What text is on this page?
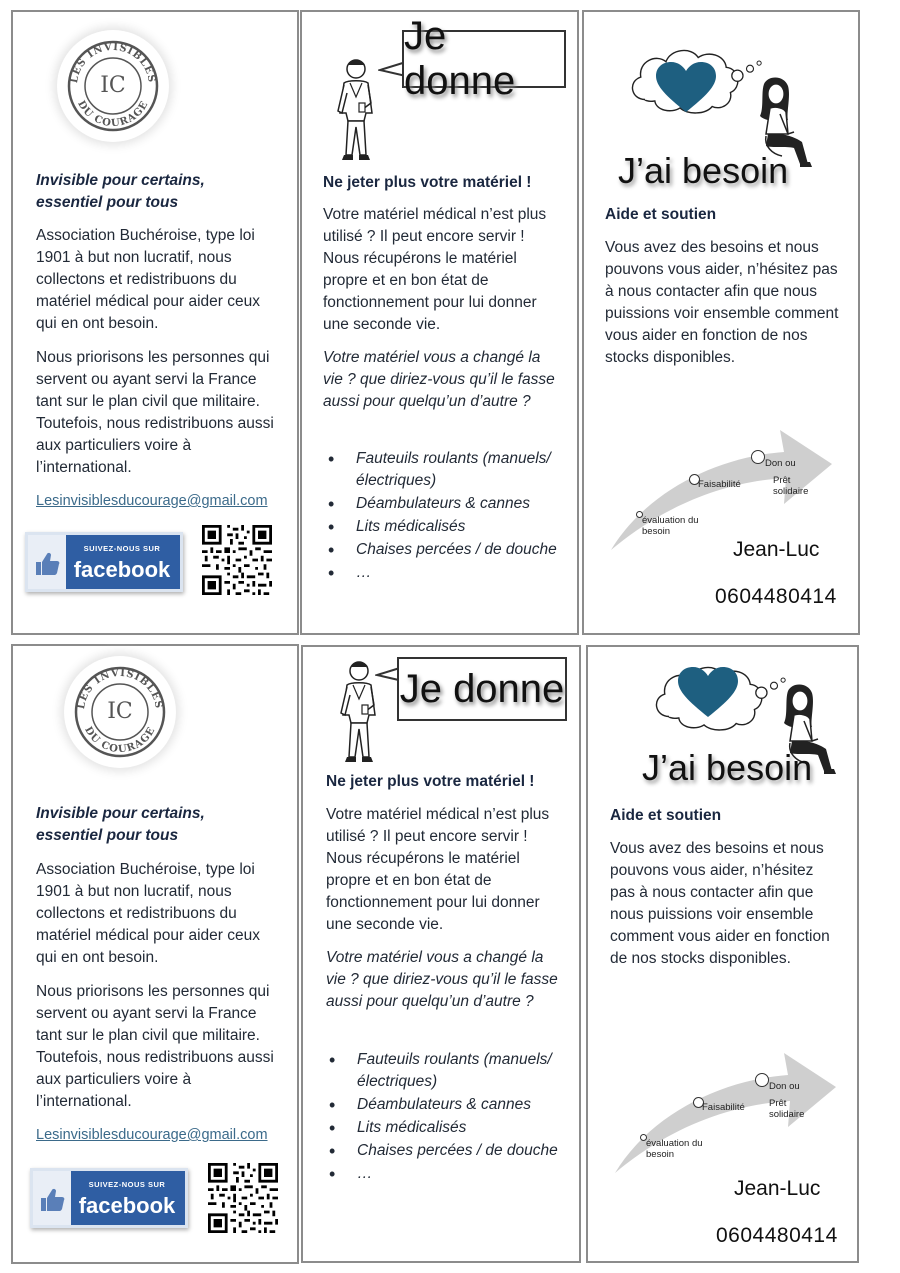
LES INVISIBLES
DU COURAGE
IC
Invisible pour certains, essentiel pour tous
Association Buchéroise, type loi 1901 à but non lucratif, nous collectons et redistribuons du matériel médical pour aider ceux qui en ont besoin.
Nous priorisons les personnes qui servent ou ayant servi la France tant sur le plan civil que militaire. Toutefois, nous redistribuons aussi aux particuliers voire à l’international.
Lesinvisiblesducourage@gmail.com
SUIVEZ-NOUS SUR
facebook
Je donne
Ne jeter plus votre matériel !
Votre matériel médical n’est plus utilisé ? Il peut encore servir ! Nous récupérons le matériel propre et en bon état de fonctionnement pour lui donner une seconde vie.
Votre matériel vous a changé la vie ? que diriez-vous qu’il le fasse aussi pour quelqu’un d’autre ?
• Fauteuils roulants (manuels/électriques)
• Déambulateurs & cannes
• Lits médicalisés
• Chaises percées / de douche
• …
J’ai besoin
Aide et soutien
Vous avez des besoins et nous pouvons vous aider, n’hésitez pas à nous contacter afin que nous puissions voir ensemble comment vous aider en fonction de nos stocks disponibles.
évaluation du besoin
Faisabilité
Don ou
Prêt solidaire
Jean-Luc
0604480414
LES INVISIBLES
DU COURAGE
IC
Invisible pour certains, essentiel pour tous
Association Buchéroise, type loi 1901 à but non lucratif, nous collectons et redistribuons du matériel médical pour aider ceux qui en ont besoin.
Nous priorisons les personnes qui servent ou ayant servi la France tant sur le plan civil que militaire. Toutefois, nous redistribuons aussi aux particuliers voire à l’international.
Lesinvisiblesducourage@gmail.com
SUIVEZ-NOUS SUR
facebook
Je donne
Ne jeter plus votre matériel !
Votre matériel médical n’est plus utilisé ? Il peut encore servir ! Nous récupérons le matériel propre et en bon état de fonctionnement pour lui donner une seconde vie.
Votre matériel vous a changé la vie ? que diriez-vous qu’il le fasse aussi pour quelqu’un d’autre ?
• Fauteuils roulants (manuels/électriques)
• Déambulateurs & cannes
• Lits médicalisés
• Chaises percées / de douche
• …
J’ai besoin
Aide et soutien
Vous avez des besoins et nous pouvons vous aider, n’hésitez pas à nous contacter afin que nous puissions voir ensemble comment vous aider en fonction de nos stocks disponibles.
évaluation du besoin
Faisabilité
Don ou
Prêt solidaire
Jean-Luc
0604480414
